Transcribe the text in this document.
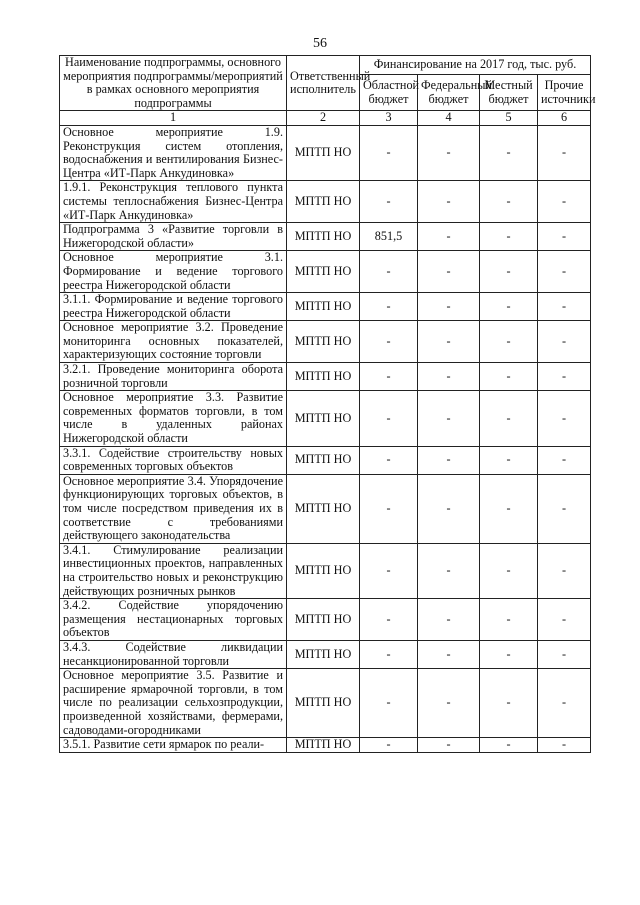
56
Наименование подпрограммы, основного мероприятия подпрограммы/мероприятий в рамках основного мероприятия подпрограммы	Ответственный исполнитель	Финансирование на 2017 год, тыс. руб.			
		Областной бюджет	Федеральный бюджет	Местный бюджет	Прочие источники
1	2	3	4	5	6
Основное мероприятие 1.9. Реконструкция систем отопления, водоснабжения и вентилирования Бизнес-Центра «ИТ-Парк Анкудиновка»	МПТП НО	-	-	-	-
1.9.1. Реконструкция теплового пункта системы теплоснабжения Бизнес-Центра «ИТ-Парк Анкудиновка»	МПТП НО	-	-	-	-
Подпрограмма 3 «Развитие торговли в Нижегородской области»	МПТП НО	851,5	-	-	-
Основное мероприятие 3.1. Формирование и ведение торгового реестра Нижегородской области	МПТП НО	-	-	-	-
3.1.1. Формирование и ведение торгового реестра Нижегородской области	МПТП НО	-	-	-	-
Основное мероприятие 3.2. Проведение мониторинга основных показателей, характеризующих состояние торговли	МПТП НО	-	-	-	-
3.2.1. Проведение мониторинга оборота розничной торговли	МПТП НО	-	-	-	-
Основное мероприятие 3.3. Развитие современных форматов торговли, в том числе в удаленных районах Нижегородской области	МПТП НО	-	-	-	-
3.3.1. Содействие строительству новых современных торговых объектов	МПТП НО	-	-	-	-
Основное мероприятие 3.4. Упорядочение функционирующих торговых объектов, в том числе посредством приведения их в соответствие с требованиями действующего законодательства	МПТП НО	-	-	-	-
3.4.1. Стимулирование реализации инвестиционных проектов, направленных на строительство новых и реконструкцию действующих розничных рынков	МПТП НО	-	-	-	-
3.4.2. Содействие упорядочению размещения нестационарных торговых объектов	МПТП НО	-	-	-	-
3.4.3. Содействие ликвидации несанкционированной торговли	МПТП НО	-	-	-	-
Основное мероприятие 3.5. Развитие и расширение ярмарочной торговли, в том числе по реализации сельхозпродукции, произведенной хозяйствами, фермерами, садоводами-огородниками	МПТП НО	-	-	-	-
3.5.1. Развитие сети ярмарок по реали-	МПТП НО	-	-	-	-
